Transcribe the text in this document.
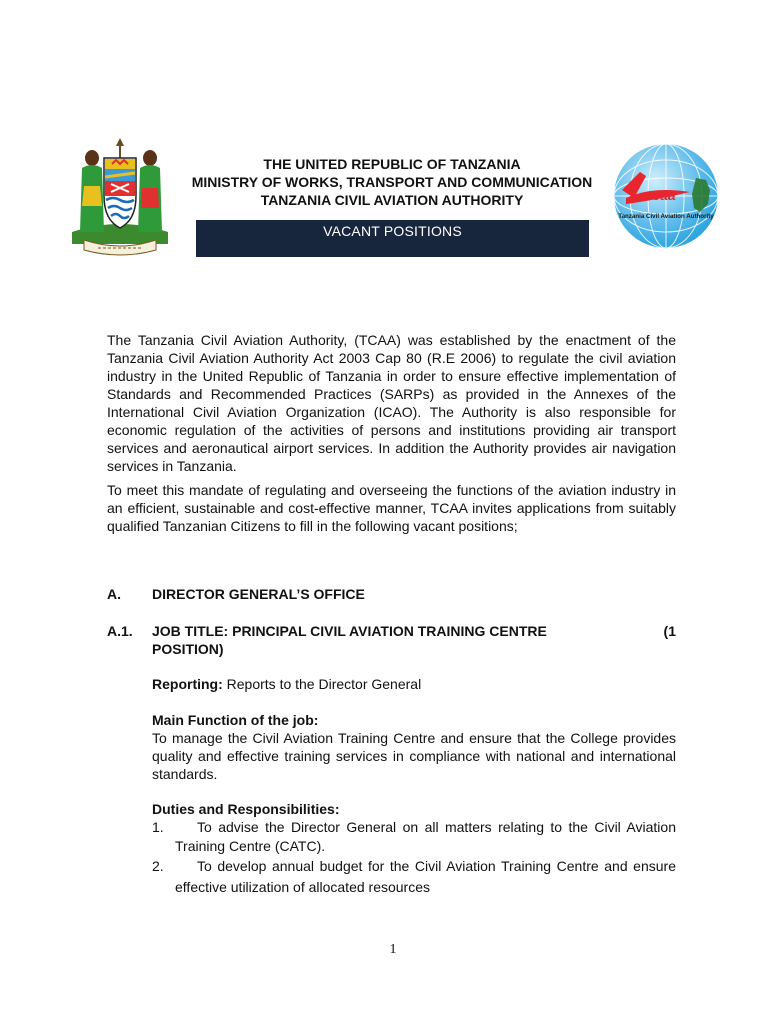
THE UNITED REPUBLIC OF TANZANIA
MINISTRY OF WORKS, TRANSPORT AND COMMUNICATION
TANZANIA CIVIL AVIATION AUTHORITY
VACANT POSITIONS
caa
Tanzania Civil Aviation Authority
The Tanzania Civil Aviation Authority, (TCAA) was established by the enactment of the Tanzania Civil Aviation Authority Act 2003 Cap 80 (R.E 2006) to regulate the civil aviation industry in the United Republic of Tanzania in order to ensure effective implementation of Standards and Recommended Practices (SARPs) as provided in the Annexes of the International Civil Aviation Organization (ICAO). The Authority is also responsible for economic regulation of the activities of persons and institutions providing air transport services and aeronautical airport services. In addition the Authority provides air navigation services in Tanzania.
To meet this mandate of regulating and overseeing the functions of the aviation industry in an efficient, sustainable and cost-effective manner, TCAA invites applications from suitably qualified Tanzanian Citizens to fill in the following vacant positions;
A.	DIRECTOR GENERAL’S OFFICE
A.1. JOB TITLE: PRINCIPAL CIVIL AVIATION TRAINING CENTRE	(1
POSITION)
Reporting: Reports to the Director General
Main Function of the job:
To manage the Civil Aviation Training Centre and ensure that the College provides quality and effective training services in compliance with national and international standards.
Duties and Responsibilities:
1.	To advise the Director General on all matters relating to the Civil Aviation Training Centre (CATC).
2.	To develop annual budget for the Civil Aviation Training Centre and ensure effective utilization of allocated resources
1
